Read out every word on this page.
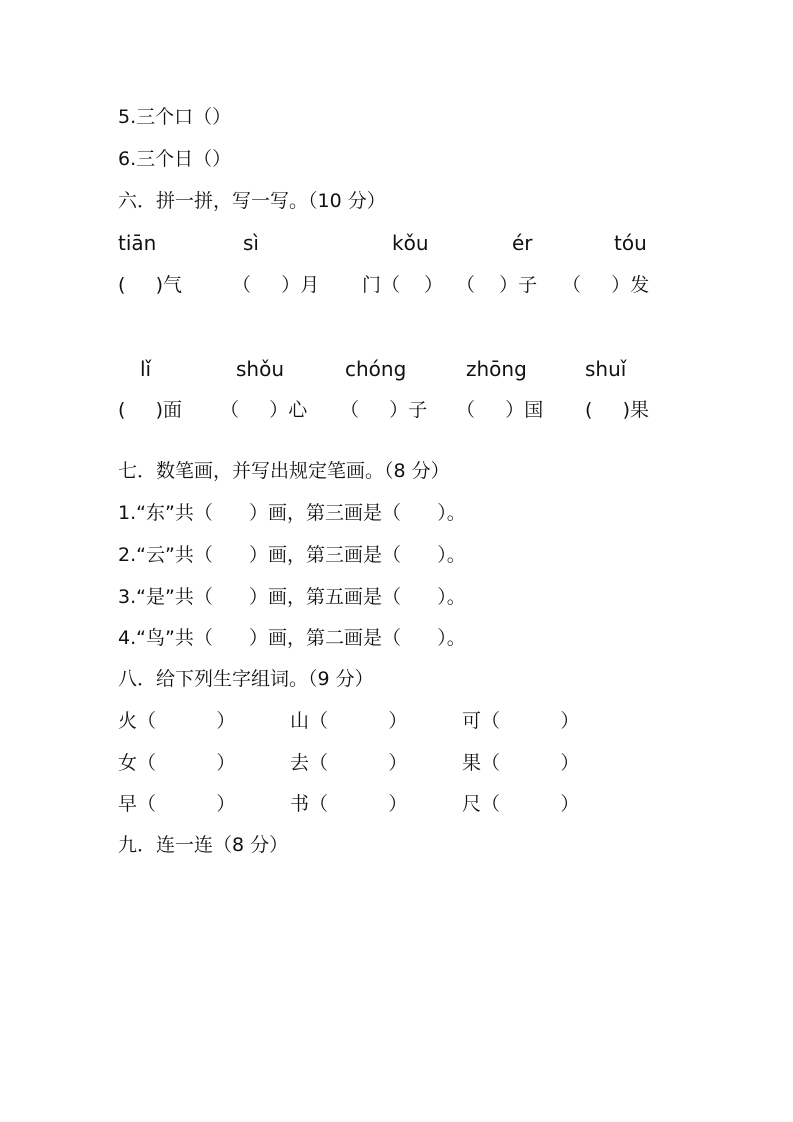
5.三个口（）
6.三个日（）
六．拼一拼，写一写。（10 分）
tiān	sì	kǒu	ér	tóu
(     )气	（     ）月 门（    ） （    ）子 （     ）发
lǐ	shǒu	chóng	zhōng	shuǐ
(     )面 （     ）心 （     ）子 （     ）国 (     )果
七．数笔画，并写出规定笔画。（8 分）
1.“东”共（      ）画，第三画是（      ）。
2.“云”共（      ）画，第三画是（      ）。
3.“是”共（      ）画，第五画是（      ）。
4.“鸟”共（      ）画，第二画是（      ）。
八．给下列生字组词。（9 分）
火（          ）	山（          ）	可（          ）
女（          ）	去（          ）	果（          ）
早（          ）	书（          ）	尺（          ）
九．连一连（8 分）
